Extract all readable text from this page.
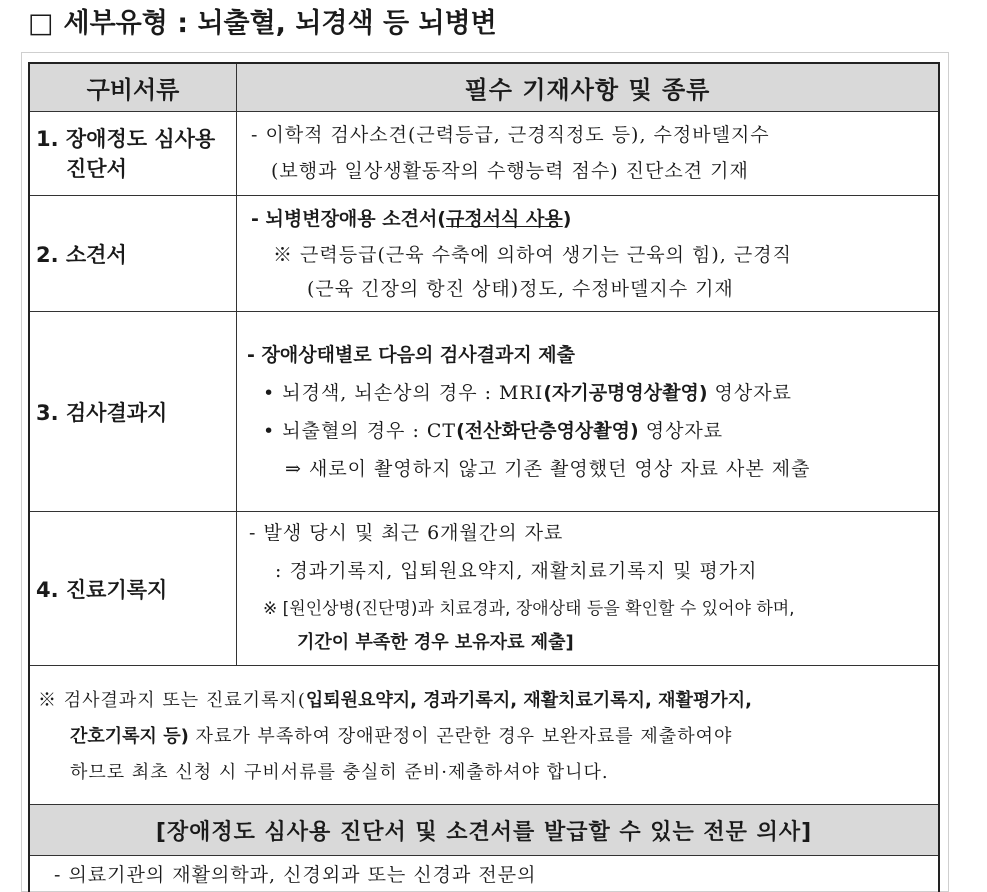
□ 세부유형 : 뇌출혈, 뇌경색 등 뇌병변
구비서류	필수 기재사항 및 종류
1. 장애정도 심사용
진단서
- 이학적 검사소견(근력등급, 근경직정도 등), 수정바델지수
(보행과 일상생활동작의 수행능력 점수) 진단소견 기재
2. 소견서
- 뇌병변장애용 소견서(규정서식 사용)
※ 근력등급(근육 수축에 의하여 생기는 근육의 힘), 근경직
(근육 긴장의 항진 상태)정도, 수정바델지수 기재
3. 검사결과지
- 장애상태별로 다음의 검사결과지 제출
• 뇌경색, 뇌손상의 경우 : MRI(자기공명영상촬영) 영상자료
• 뇌출혈의 경우 : CT(전산화단층영상촬영) 영상자료
⇒ 새로이 촬영하지 않고 기존 촬영했던 영상 자료 사본 제출
4. 진료기록지
- 발생 당시 및 최근 6개월간의 자료
: 경과기록지, 입퇴원요약지, 재활치료기록지 및 평가지
※ [원인상병(진단명)과 치료경과, 장애상태 등을 확인할 수 있어야 하며,
기간이 부족한 경우 보유자료 제출]
※ 검사결과지 또는 진료기록지(입퇴원요약지, 경과기록지, 재활치료기록지, 재활평가지,
간호기록지 등) 자료가 부족하여 장애판정이 곤란한 경우 보완자료를 제출하여야
하므로 최초 신청 시 구비서류를 충실히 준비·제출하셔야 합니다.
[장애정도 심사용 진단서 및 소견서를 발급할 수 있는 전문 의사]
- 의료기관의 재활의학과, 신경외과 또는 신경과 전문의
